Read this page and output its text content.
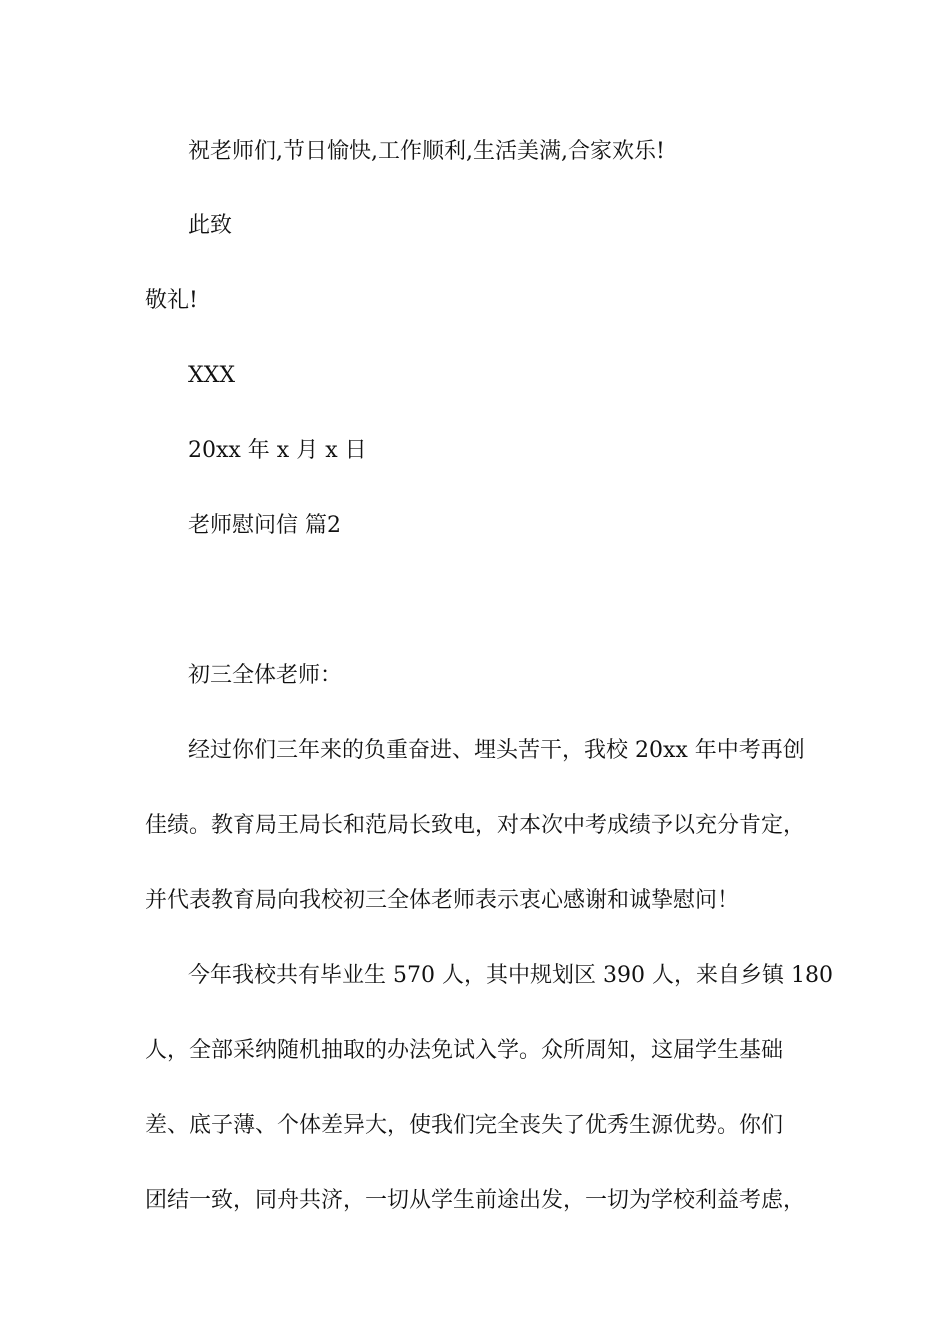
祝老师们,节日愉快,工作顺利,生活美满,合家欢乐!
此致
敬礼!
XXX
20xx 年 x 月 x 日
老师慰问信 篇2
初三全体老师：
经过你们三年来的负重奋进、埋头苦干，我校 20xx 年中考再创
佳绩。教育局王局长和范局长致电，对本次中考成绩予以充分肯定，
并代表教育局向我校初三全体老师表示衷心感谢和诚挚慰问！
今年我校共有毕业生 570 人，其中规划区 390 人，来自乡镇 180
人，全部采纳随机抽取的办法免试入学。众所周知，这届学生基础
差、底子薄、个体差异大，使我们完全丧失了优秀生源优势。你们
团结一致，同舟共济，一切从学生前途出发，一切为学校利益考虑，
